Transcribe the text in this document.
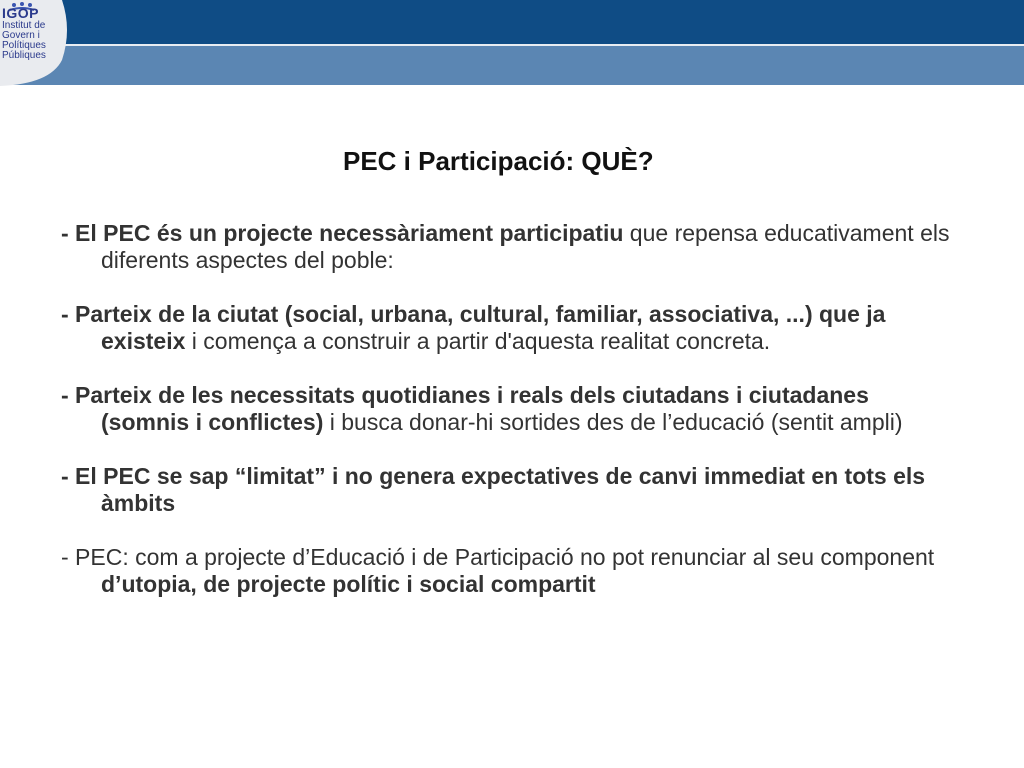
IGOP
Institut de
Govern i
Polítiques
Públiques
PEC i Participació: QUÈ?

- El PEC és un projecte necessàriament participatiu que repensa educativament els diferents aspectes del poble:

- Parteix de la ciutat (social, urbana, cultural, familiar, associativa, ...) que ja existeix i comença a construir a partir d'aquesta realitat concreta.

- Parteix de les necessitats quotidianes i reals dels ciutadans i ciutadanes (somnis i conflictes) i busca donar-hi sortides des de l’educació (sentit ampli)

- El PEC se sap “limitat” i no genera expectatives de canvi immediat en tots els àmbits

- PEC: com a projecte d’Educació i de Participació no pot renunciar al seu component d’utopia, de projecte polític i social compartit
